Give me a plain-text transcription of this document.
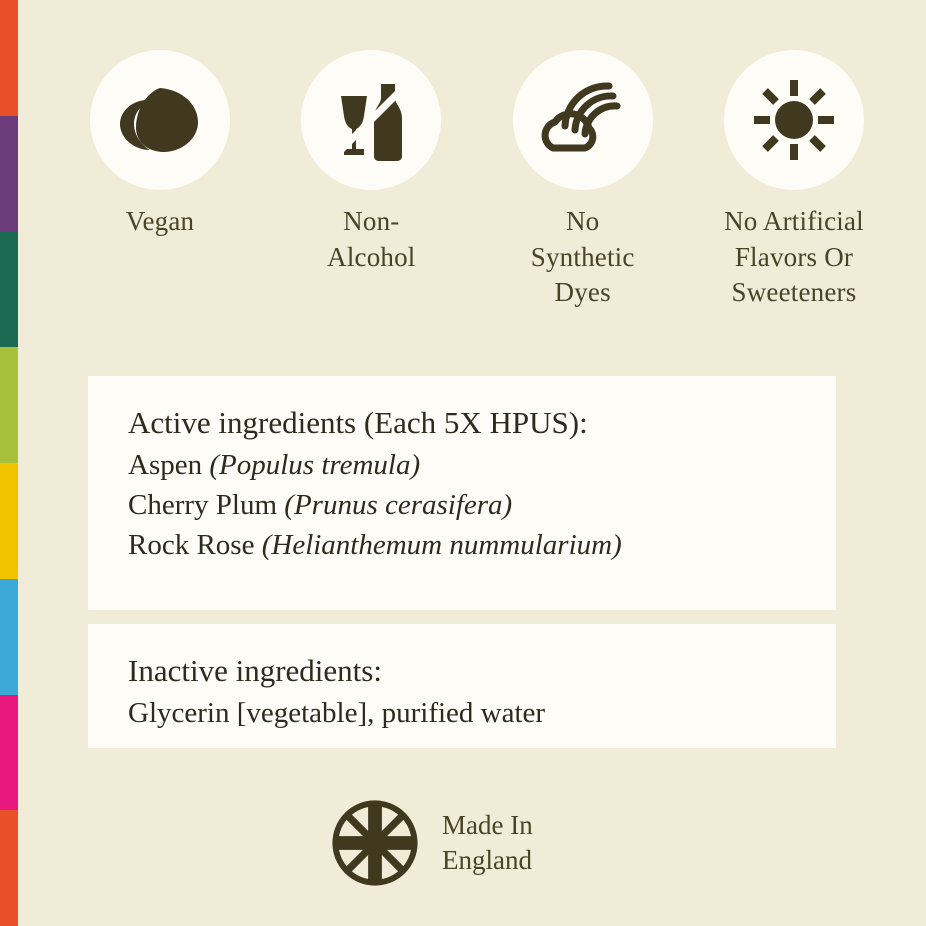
Vegan	Non-
Alcohol
No
Synthetic
Dyes
No Artificial
Flavors Or
Sweeteners

Active ingredients (Each 5X HPUS):

Aspen (Populus tremula)

Cherry Plum (Prunus cerasifera)

Rock Rose (Helianthemum nummularium)

Inactive ingredients:

Glycerin [vegetable], purified water

Made In
England
